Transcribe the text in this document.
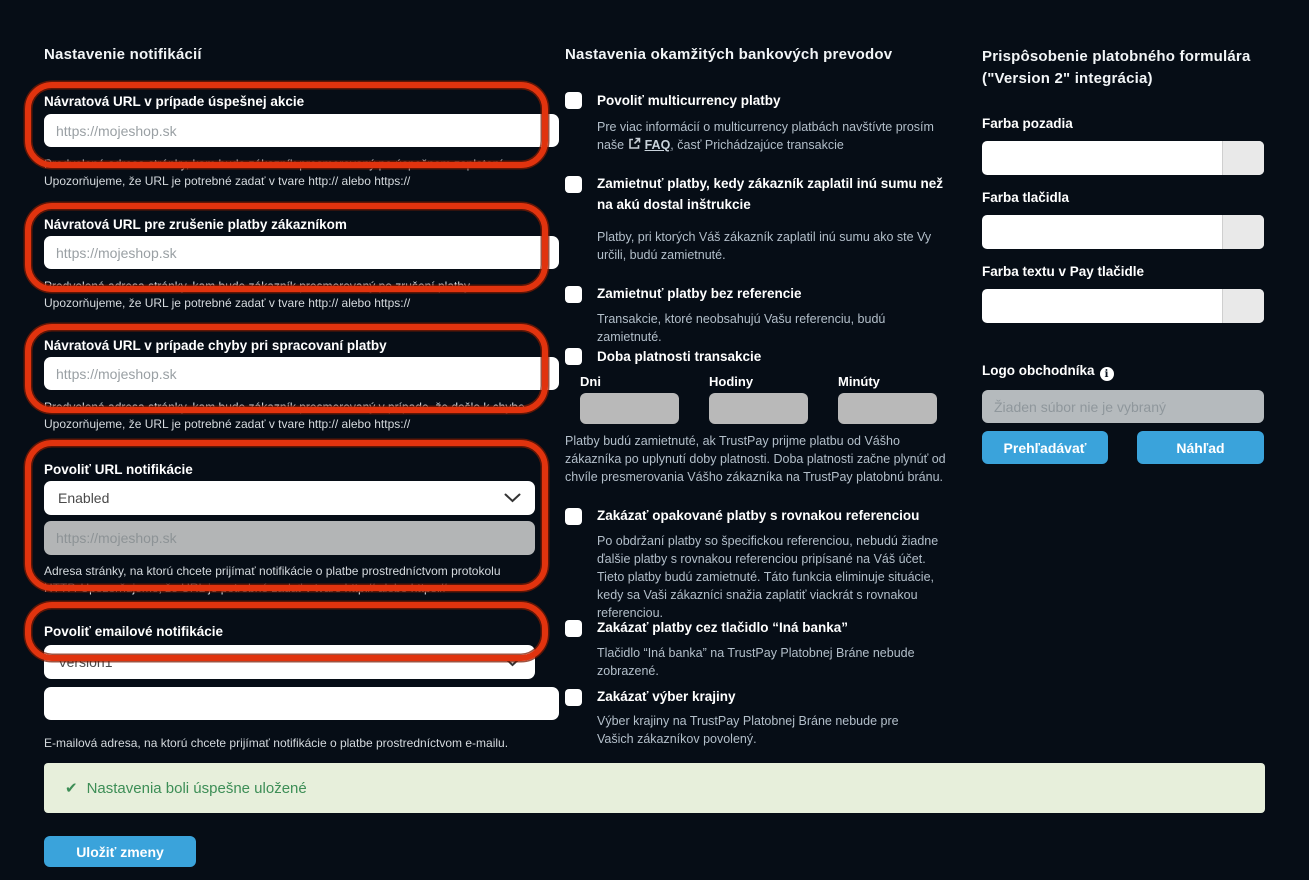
Nastavenie notifikácií
Návratová URL v prípade úspešnej akcie
https://mojeshop.sk
Predvolená adresa stránky, kam bude zákazník presmerovaný po úspešnom zaplatení. Upozorňujeme, že URL je potrebné zadať v tvare http:// alebo https://
Návratová URL pre zrušenie platby zákazníkom
https://mojeshop.sk
Predvolená adresa stránky, kam bude zákazník presmerovaný po zrušení platby. Upozorňujeme, že URL je potrebné zadať v tvare http:// alebo https://
Návratová URL v prípade chyby pri spracovaní platby
https://mojeshop.sk
Predvolená adresa stránky, kam bude zákazník presmerovaný v prípade, že došlo k chybe. Upozorňujeme, že URL je potrebné zadať v tvare http:// alebo https://
Povoliť URL notifikácie
Enabled
https://mojeshop.sk
Adresa stránky, na ktorú chcete prijímať notifikácie o platbe prostredníctvom protokolu HTTP. Upozorňujeme, že URL je potrebné zadať v tvare http:// alebo https://
Povoliť emailové notifikácie
Version1
E-mailová adresa, na ktorú chcete prijímať notifikácie o platbe prostredníctvom e-mailu.
✔ Nastavenia boli úspešne uložené
Uložiť zmeny
Nastavenia okamžitých bankových prevodov
Povoliť multicurrency platby
Pre viac informácií o multicurrency platbách navštívte prosím naše FAQ, časť Prichádzajúce transakcie
Zamietnuť platby, kedy zákazník zaplatil inú sumu než na akú dostal inštrukcie
Platby, pri ktorých Váš zákazník zaplatil inú sumu ako ste Vy určili, budú zamietnuté.
Zamietnuť platby bez referencie
Transakcie, ktoré neobsahujú Vašu referenciu, budú zamietnuté.
Doba platnosti transakcie
Dni	Hodiny	Minúty
Platby budú zamietnuté, ak TrustPay prijme platbu od Vášho zákazníka po uplynutí doby platnosti. Doba platnosti začne plynúť od chvíle presmerovania Vášho zákazníka na TrustPay platobnú bránu.
Zakázať opakované platby s rovnakou referenciou
Po obdržaní platby so špecifickou referenciou, nebudú žiadne ďalšie platby s rovnakou referenciou pripísané na Váš účet. Tieto platby budú zamietnuté. Táto funkcia eliminuje situácie, kedy sa Vaši zákazníci snažia zaplatiť viackrát s rovnakou referenciou.
Zakázať platby cez tlačidlo “Iná banka”
Tlačidlo “Iná banka” na TrustPay Platobnej Bráne nebude zobrazené.
Zakázať výber krajiny
Výber krajiny na TrustPay Platobnej Bráne nebude pre Vašich zákazníkov povolený.
Prispôsobenie platobného formulára
("Version 2" integrácia)
Farba pozadia
Farba tlačidla
Farba textu v Pay tlačidle
Logo obchodníka i
Žiaden súbor nie je vybraný
Prehľadávať	Náhľad
